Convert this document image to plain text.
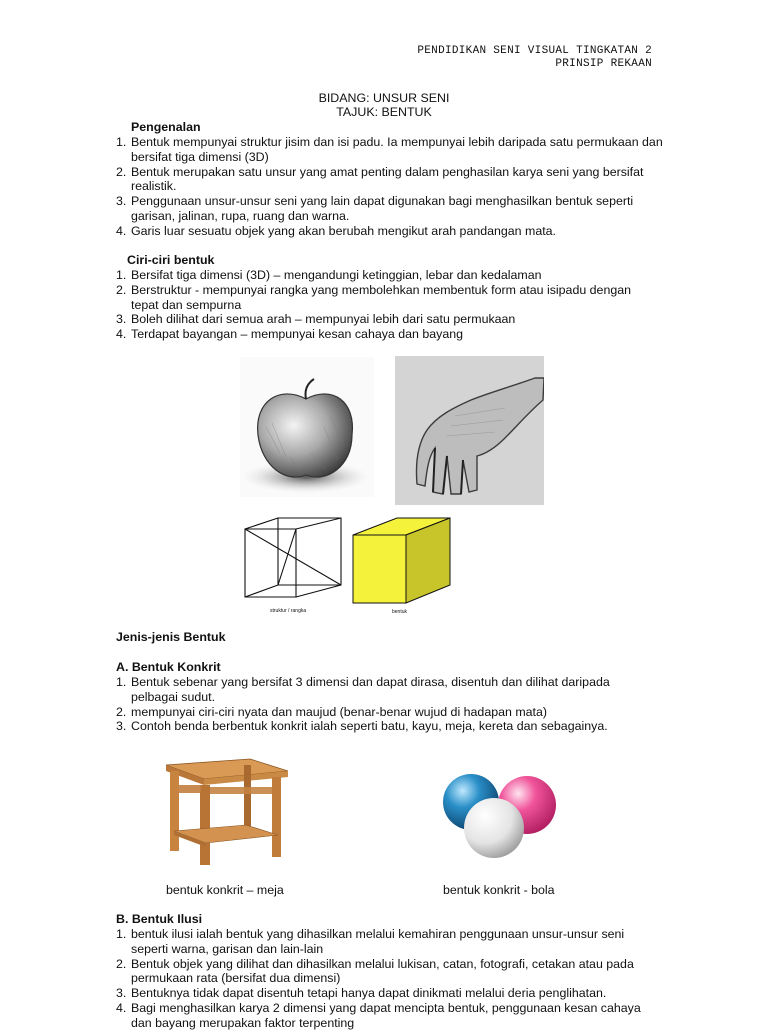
PENDIDIKAN SENI VISUAL TINGKATAN 2
PRINSIP REKAAN
BIDANG: UNSUR SENI
TAJUK: BENTUK
Pengenalan
1. Bentuk mempunyai struktur jisim dan isi padu. Ia mempunyai lebih daripada satu permukaan dan bersifat tiga dimensi (3D)
2. Bentuk merupakan satu unsur yang amat penting dalam penghasilan karya seni yang bersifat realistik.
3. Penggunaan unsur-unsur seni yang lain dapat digunakan bagi menghasilkan bentuk seperti garisan, jalinan, rupa, ruang dan warna.
4. Garis luar sesuatu objek yang akan berubah mengikut arah pandangan mata.
Ciri-ciri bentuk
1. Bersifat tiga dimensi (3D) – mengandungi ketinggian, lebar dan kedalaman
2. Berstruktur - mempunyai rangka yang membolehkan membentuk form atau isipadu dengan tepat dan sempurna
3. Boleh dilihat dari semua arah – mempunyai lebih dari satu permukaan
4. Terdapat bayangan – mempunyai kesan cahaya dan bayang
struktur / rangka	bentuk
Jenis-jenis Bentuk
A. Bentuk Konkrit
1. Bentuk sebenar yang bersifat 3 dimensi dan dapat dirasa, disentuh dan dilihat daripada pelbagai sudut.
2. mempunyai ciri-ciri nyata dan maujud (benar-benar wujud di hadapan mata)
3. Contoh benda berbentuk konkrit ialah seperti batu, kayu, meja, kereta dan sebagainya.
bentuk konkrit – meja	bentuk konkrit - bola
B. Bentuk Ilusi
1. bentuk ilusi ialah bentuk yang dihasilkan melalui kemahiran penggunaan unsur-unsur seni seperti warna, garisan dan lain-lain
2. Bentuk objek yang dilihat dan dihasilkan melalui lukisan, catan, fotografi, cetakan atau pada permukaan rata (bersifat dua dimensi)
3. Bentuknya tidak dapat disentuh tetapi hanya dapat dinikmati melalui deria penglihatan.
4. Bagi menghasilkan karya 2 dimensi yang dapat mencipta bentuk, penggunaan kesan cahaya dan bayang merupakan faktor terpenting
